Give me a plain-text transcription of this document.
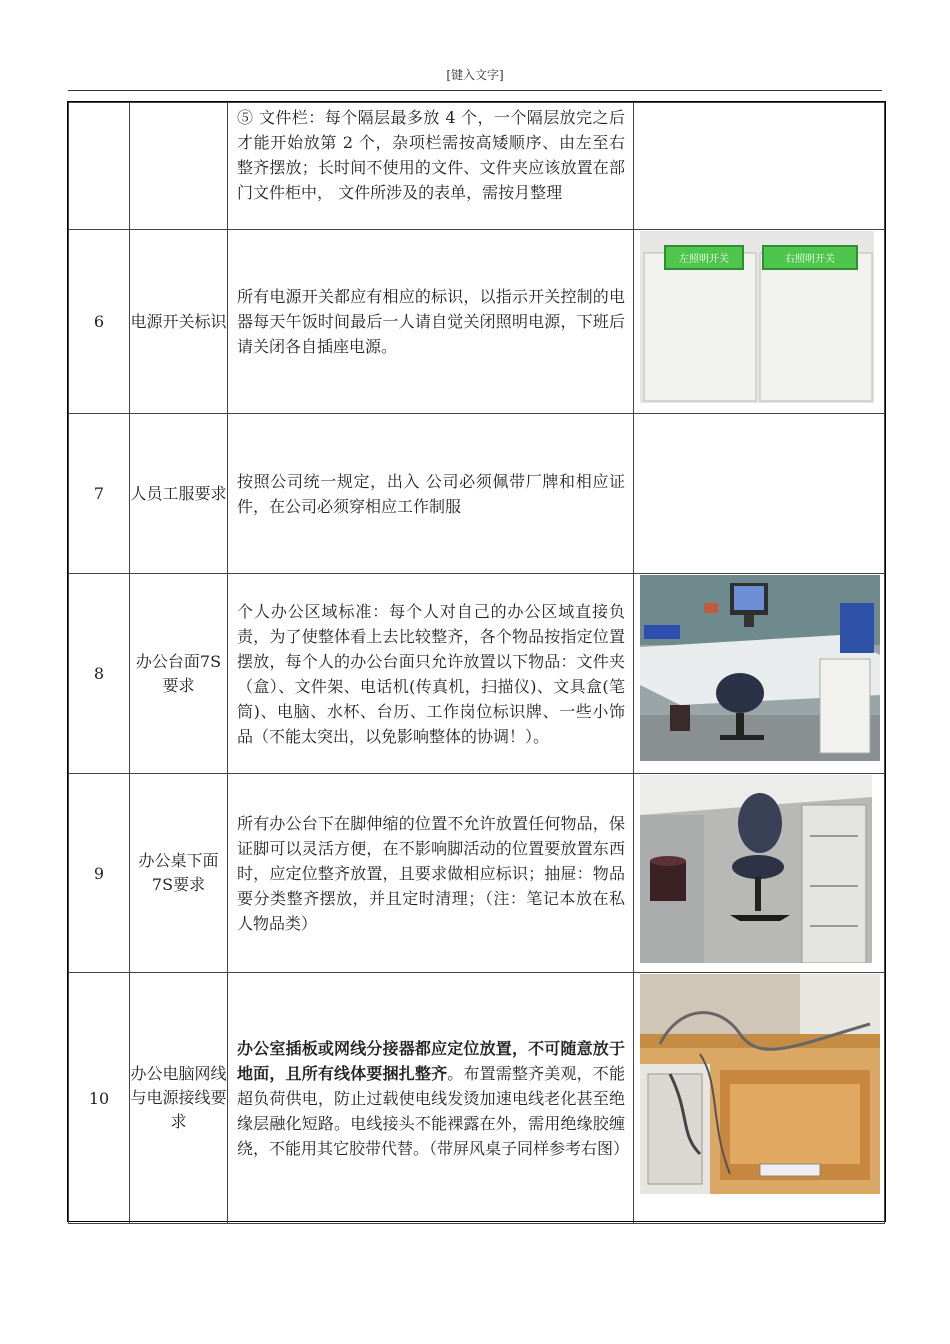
[键入文字]
		⑤ 文件栏：每个隔层最多放 4 个，一个隔层放完之后才能开始放第 2 个，杂项栏需按高矮顺序、由左至右整齐摆放；长时间不使用的文件、文件夹应该放置在部门文件柜中， 文件所涉及的表单，需按月整理	
6	电源开关标识	所有电源开关都应有相应的标识，以指示开关控制的电器每天午饭时间最后一人请自觉关闭照明电源，下班后请关闭各自插座电源。	左照明开关 右照明开关

7	人员工服要求	按照公司统一规定，出入 公司必须佩带厂牌和相应证件，在公司必须穿相应工作制服	
8	办公台面7S要求	个人办公区域标准：每个人对自己的办公区域直接负责，为了使整体看上去比较整齐，各个物品按指定位置摆放，每个人的办公台面只允许放置以下物品：文件夹（盒）、文件架、电话机(传真机，扫描仪)、文具盒(笔筒)、电脑、水杯、台历、工作岗位标识牌、一些小饰品（不能太突出，以免影响整体的协调！）。	

9	办公桌下面7S要求	所有办公台下在脚伸缩的位置不允许放置任何物品，保证脚可以灵活方便，在不影响脚活动的位置要放置东西时，应定位整齐放置，且要求做相应标识；抽屉：物品要分类整齐摆放，并且定时清理；（注：笔记本放在私人物品类）	

10	办公电脑网线与电源接线要求	办公室插板或网线分接器都应定位放置，不可随意放于地面，且所有线体要捆扎整齐。布置需整齐美观，不能超负荷供电，防止过载使电线发烫加速电线老化甚至绝缘层融化短路。电线接头不能裸露在外，需用绝缘胶缠绕，不能用其它胶带代替。（带屏风桌子同样参考右图）	
